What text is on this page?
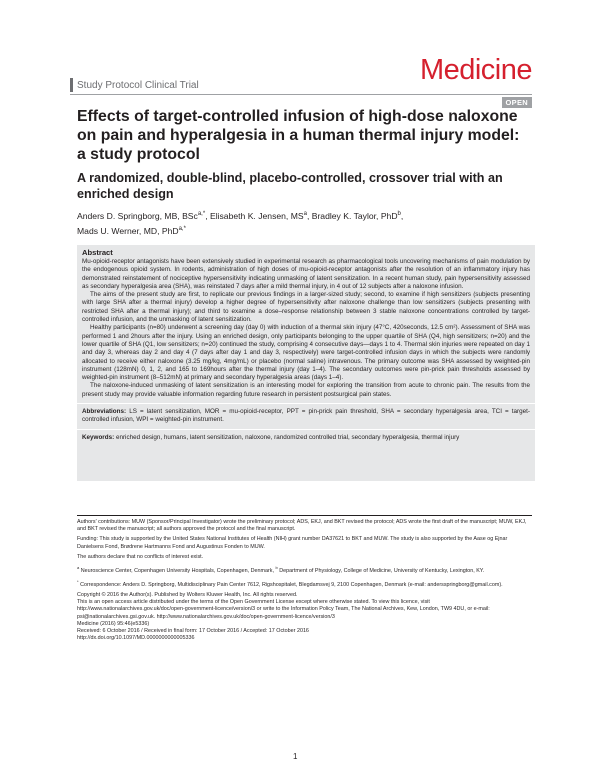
Study Protocol Clinical Trial	Medicine
OPEN
Effects of target-controlled infusion of high-dose naloxone on pain and hyperalgesia in a human thermal injury model: a study protocol
A randomized, double-blind, placebo-controlled, crossover trial with an enriched design
Anders D. Springborg, MB, BSc$^{a,*}$, Elisabeth K. Jensen, $MS^a$, Bradley K. Taylor, PhD$^b$,
Mads U. Werner, MD, PhD$^{a,*}$
Abstract

Mu-opioid-receptor antagonists have been extensively studied in experimental research as pharmacological tools uncovering mechanisms of pain modulation by the endogenous opioid system. In rodents, administration of high doses of mu-opioid-receptor antagonists after the resolution of an inflammatory injury has demonstrated reinstatement of nociceptive hypersensitivity indicating unmasking of latent sensitization. In a recent human study, pain hypersensitivity assessed as secondary hyperalgesia area (SHA), was reinstated 7 days after a mild thermal injury, in 4 out of 12 subjects after a naloxone infusion.

The aims of the present study are first, to replicate our previous findings in a larger-sized study; second, to examine if high sensitizers (subjects presenting with large SHA after a thermal injury) develop a higher degree of hypersensitivity after naloxone challenge than low sensitizers (subjects presenting with restricted SHA after a thermal injury); and third to examine a dose–response relationship between 3 stable naloxone concentrations controlled by target-controlled infusion, and the unmasking of latent sensitization.

Healthy participants (n=80) underwent a screening day (day 0) with induction of a thermal skin injury (47°C, 420seconds, 12.5 cm²). Assessment of SHA was performed 1 and 2hours after the injury. Using an enriched design, only participants belonging to the upper quartile of SHA (Q4, high sensitizers; n=20) and the lower quartile of SHA (Q1, low sensitizers; n=20) continued the study, comprising 4 consecutive days—days 1 to 4. Thermal skin injuries were repeated on day 1 and day 3, whereas day 2 and day 4 (7 days after day 1 and day 3, respectively) were target-controlled infusion days in which the subjects were randomly allocated to receive either naloxone (3.25 mg/kg, 4mg/mL) or placebo (normal saline) intravenous. The primary outcome was SHA assessed by weighted-pin instrument (128mN) 0, 1, 2, and 165 to 169hours after the thermal injury (day 1–4). The secondary outcomes were pin-prick pain thresholds assessed by weighted-pin instrument (8–512mN) at primary and secondary hyperalgesia areas (days 1–4).

The naloxone-induced unmasking of latent sensitization is an interesting model for exploring the transition from acute to chronic pain. The results from the present study may provide valuable information regarding future research in persistent postsurgical pain states.

Abbreviations: LS = latent sensitization, MOR = mu-opioid-receptor, PPT = pin-prick pain threshold, SHA = secondary hyperalgesia area, TCI = target-controlled infusion, WPI = weighted-pin instrument.

Keywords: enriched design, humans, latent sensitization, naloxone, randomized controlled trial, secondary hyperalgesia, thermal injury

Authors' contributions: MUW (Sponsor/Principal Investigator) wrote the preliminary protocol; ADS, EKJ, and BKT revised the protocol; ADS wrote the first draft of the manuscript; MUW, EKJ, and BKT revised the manuscript; all authors approved the protocol and the final manuscript.

Funding: This study is supported by the United States National Institutes of Health (NIH) grant number DA37621 to BKT and MUW. The study is also supported by the Aase og Ejnar Danielsens Fond, Brødrene Hartmanns Fond and Augustinus Fonden to MUW.

The authors declare that no conflicts of interest exist.

$^a$ Neuroscience Center, Copenhagen University Hospitals, Copenhagen, Denmark, $^b$ Department of Physiology, College of Medicine, University of Kentucky, Lexington, KY.

* Correspondence: Anders D. Springborg, Multidisciplinary Pain Center 7612, Rigshospitalet, Blegdamsvej 9, 2100 Copenhagen, Denmark (e-mail: andersspringborg@gmail.com).

Copyright © 2016 the Author(s). Published by Wolters Kluwer Health, Inc. All rights reserved.

This is an open access article distributed under the terms of the Open Government License except where otherwise stated. To view this licence, visit http://www.nationalarchives.gov.uk/doc/open-government-licence/version/3 or write to the Information Policy Team, The National Archives, Kew, London, TW9 4DU, or e-mail: psi@nationalarchives.gsi.gov.uk. http://www.nationalarchives.gov.uk/doc/open-government-licence/version/3

Medicine (2016) 95:46(e5336)

Received: 6 October 2016 / Received in final form: 17 October 2016 / Accepted: 17 October 2016

http://dx.doi.org/10.1097/MD.0000000000005336

1
